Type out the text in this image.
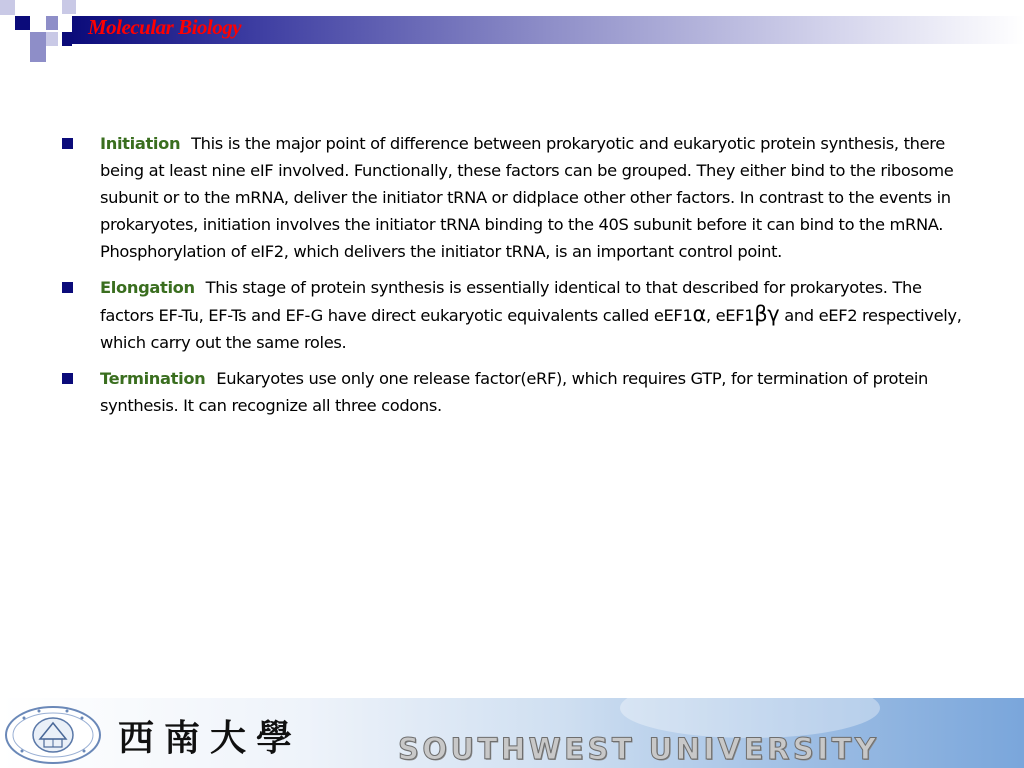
Molecular Biology
Initiation This is the major point of difference between prokaryotic and eukaryotic protein synthesis, there being at least nine eIF involved. Functionally, these factors can be grouped. They either bind to the ribosome subunit or to the mRNA, deliver the initiator tRNA or didplace other other factors. In contrast to the events in prokaryotes, initiation involves the initiator tRNA binding to the 40S subunit before it can bind to the mRNA. Phosphorylation of eIF2, which delivers the initiator tRNA, is an important control point.
Elongation This stage of protein synthesis is essentially identical to that described for prokaryotes. The factors EF-Tu, EF-Ts and EF-G have direct eukaryotic equivalents called eEF1α, eEF1βγ and eEF2 respectively, which carry out the same roles.
Termination Eukaryotes use only one release factor(eRF), which requires GTP, for termination of protein synthesis. It can recognize all three codons.
西南大學	SOUTHWEST UNIVERSITY
